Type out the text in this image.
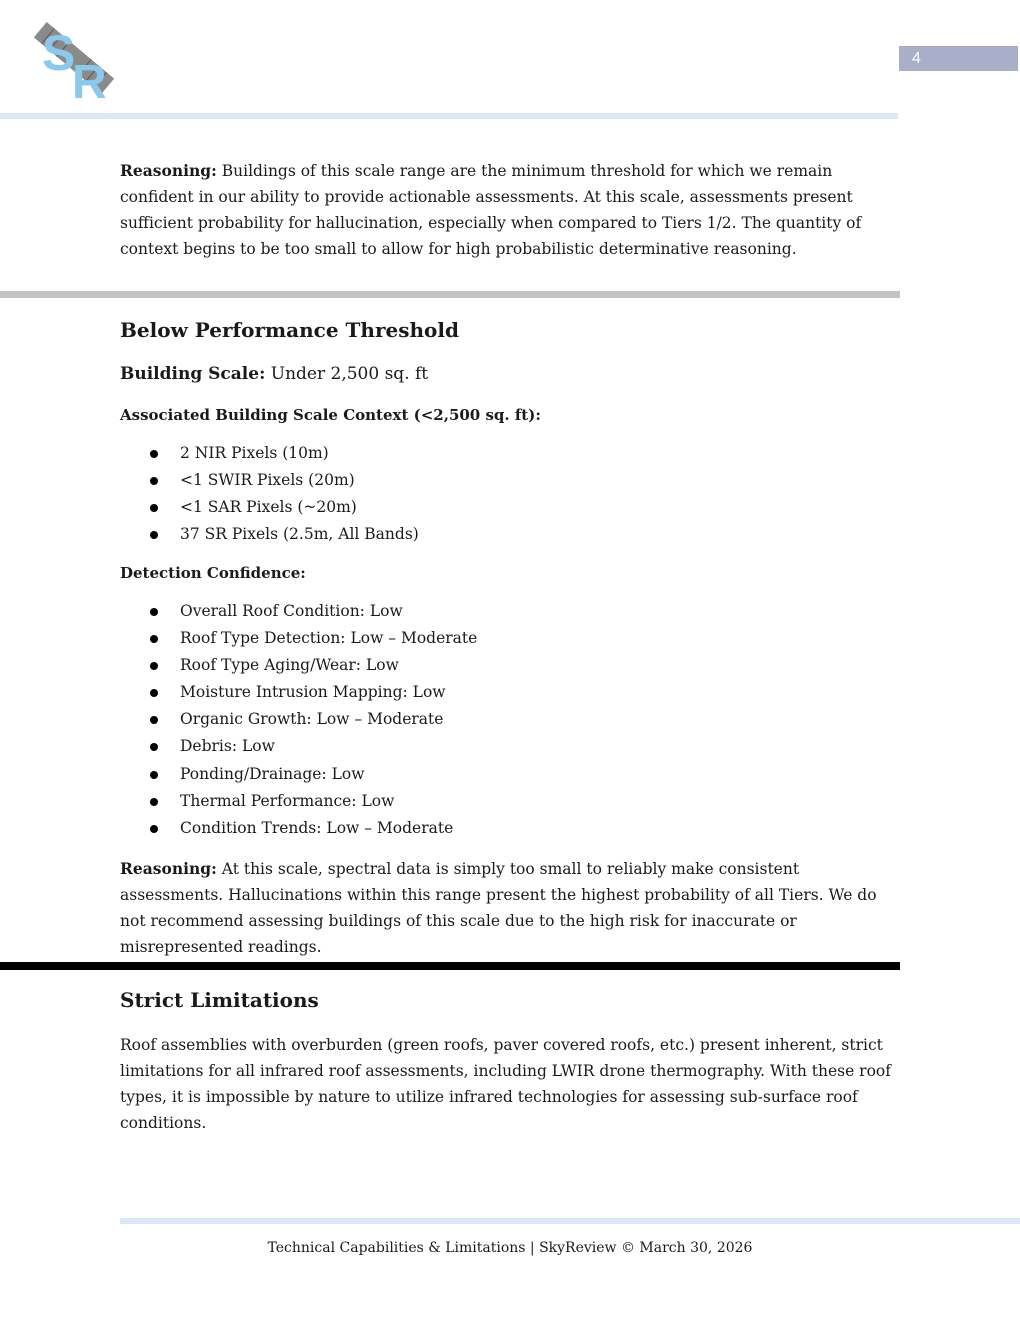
S
R	4

Reasoning: Buildings of this scale range are the minimum threshold for which we remain confident in our ability to provide actionable assessments. At this scale, assessments present sufficient probability for hallucination, especially when compared to Tiers 1/2. The quantity of context begins to be too small to allow for high probabilistic determinative reasoning.

Below Performance Threshold

Building Scale: Under 2,500 sq. ft

Associated Building Scale Context (<2,500 sq. ft):

2 NIR Pixels (10m)
<1 SWIR Pixels (20m)
<1 SAR Pixels (~20m)
37 SR Pixels (2.5m, All Bands)

Detection Confidence:

Overall Roof Condition: Low
Roof Type Detection: Low – Moderate
Roof Type Aging/Wear: Low
Moisture Intrusion Mapping: Low
Organic Growth: Low – Moderate
Debris: Low
Ponding/Drainage: Low
Thermal Performance: Low
Condition Trends: Low – Moderate

Reasoning: At this scale, spectral data is simply too small to reliably make consistent assessments. Hallucinations within this range present the highest probability of all Tiers. We do not recommend assessing buildings of this scale due to the high risk for inaccurate or misrepresented readings.

Strict Limitations

Roof assemblies with overburden (green roofs, paver covered roofs, etc.) present inherent, strict limitations for all infrared roof assessments, including LWIR drone thermography. With these roof types, it is impossible by nature to utilize infrared technologies for assessing sub-surface roof conditions.

Technical Capabilities & Limitations | SkyReview © March 30, 2026
